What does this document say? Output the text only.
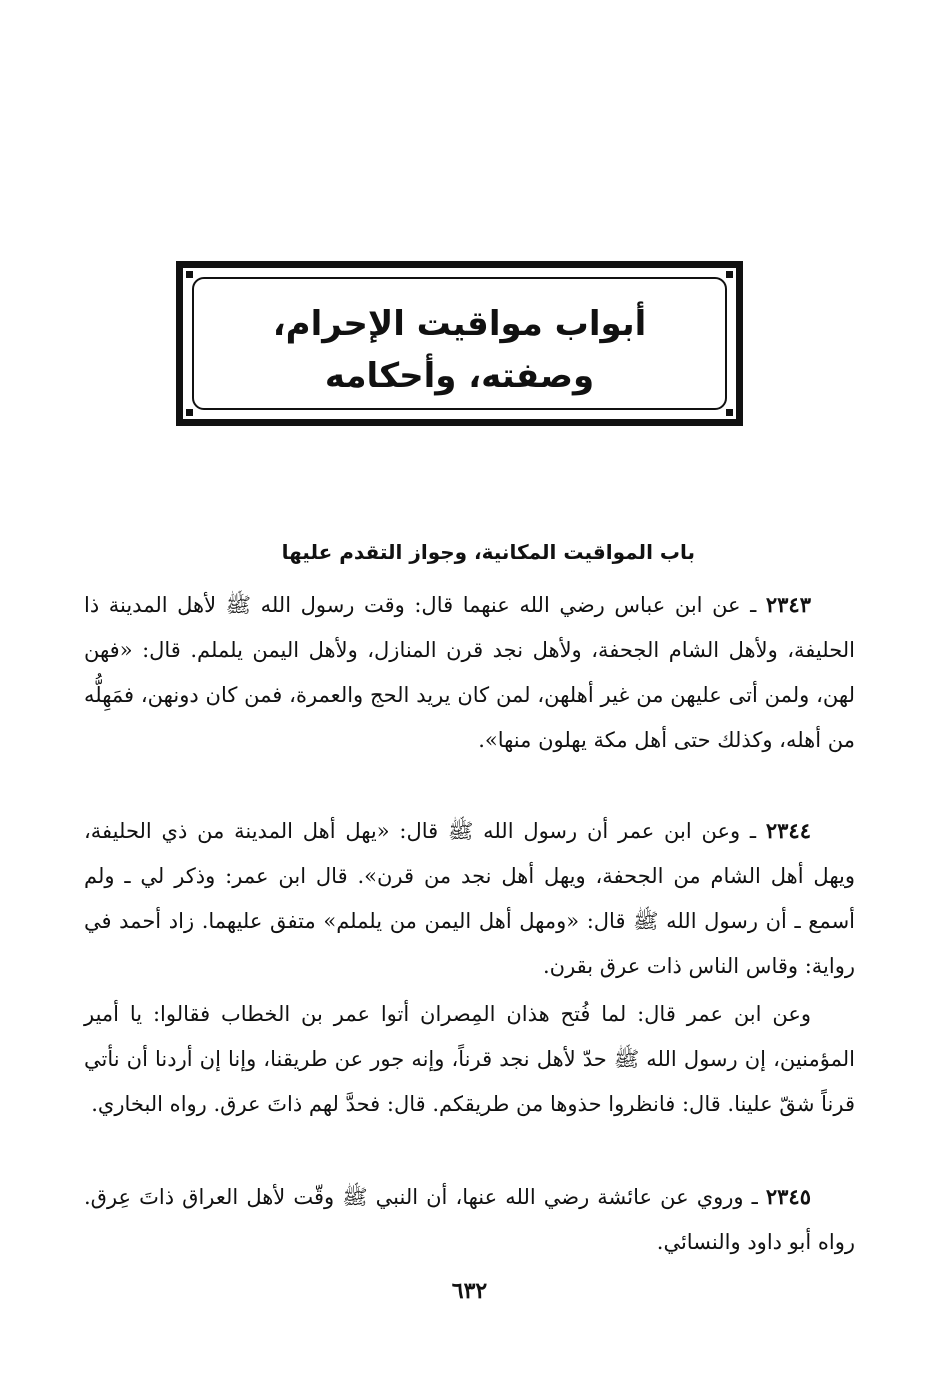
أبواب مواقيت الإحرام،
وصفته، وأحكامه
باب المواقيت المكانية، وجواز التقدم عليها
٢٣٤٣ ـ عن ابن عباس رضي الله عنهما قال: وقت رسول الله ﷺ لأهل المدينة ذا الحليفة، ولأهل الشام الجحفة، ولأهل نجد قرن المنازل، ولأهل اليمن يلملم. قال: «فهن لهن، ولمن أتى عليهن من غير أهلهن، لمن كان يريد الحج والعمرة، فمن كان دونهن، فمَهِلُّه من أهله، وكذلك حتى أهل مكة يهلون منها».
٢٣٤٤ ـ وعن ابن عمر أن رسول الله ﷺ قال: «يهل أهل المدينة من ذي الحليفة، ويهل أهل الشام من الجحفة، ويهل أهل نجد من قرن». قال ابن عمر: وذكر لي ـ ولم أسمع ـ أن رسول الله ﷺ قال: «ومهل أهل اليمن من يلملم» متفق عليهما. زاد أحمد في رواية: وقاس الناس ذات عرق بقرن.
وعن ابن عمر قال: لما فُتح هذان المِصران أتوا عمر بن الخطاب فقالوا: يا أمير المؤمنين، إن رسول الله ﷺ حدّ لأهل نجد قرناً، وإنه جور عن طريقنا، وإنا إن أردنا أن نأتي قرناً شقّ علينا. قال: فانظروا حذوها من طريقكم. قال: فحدَّ لهم ذاتَ عرق. رواه البخاري.
٢٣٤٥ ـ وروي عن عائشة رضي الله عنها، أن النبي ﷺ وقّت لأهل العراق ذاتَ عِرق. رواه أبو داود والنسائي.
٦٣٢
